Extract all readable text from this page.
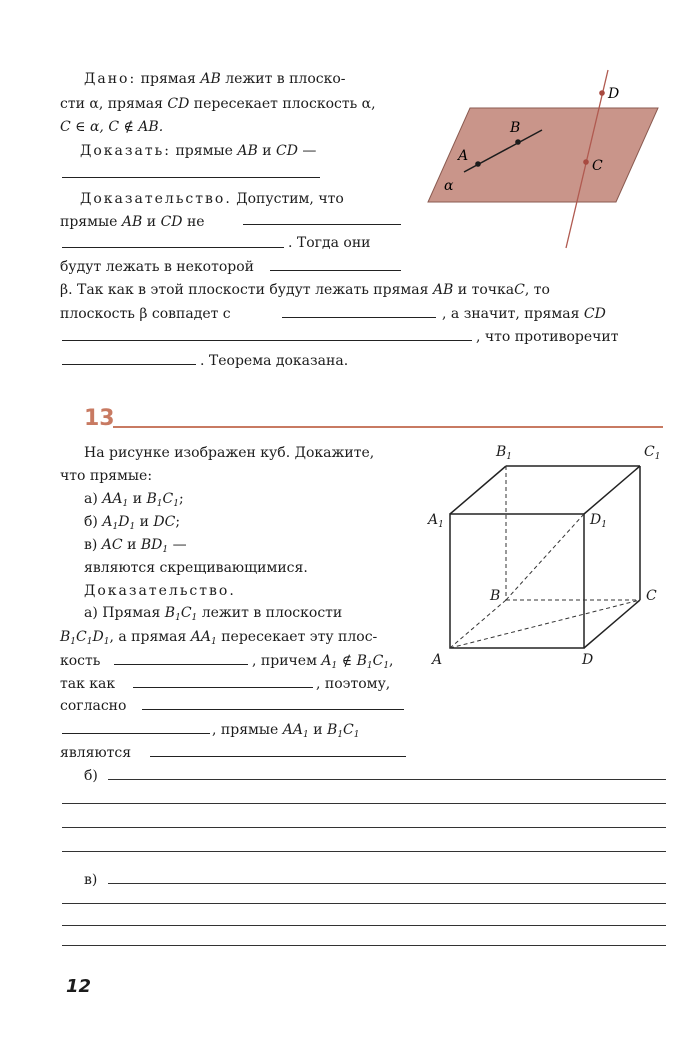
Дано: прямая AB лежит в плоско-
сти α, прямая CD пересекает плоскость α,
C ∈ α, C ∉ AB.
Доказать: прямые AB и CD —
Доказательство. Допустим, что
прямые AB и CD не
. Тогда они
будут лежать в некоторой
β. Так как в этой плоскости будут лежать прямая AB и точкаC, то
плоскость β совпадет с	, а значит, прямая CD
, что противоречит
. Теорема доказана.
A
B
C
D
α
13
На рисунке изображен куб. Докажите,
что прямые:
а) $AA_1$ и $B_1C_1$;
б) $A_1D_1$ и DC;
в) AC и $BD_1$ —
являются скрещивающимися.
Доказательство.
а) Прямая $B_1C_1$ лежит в плоскости
$B_1C_1D_1$, а прямая $AA_1$ пересекает эту плос-
кость	, причем $A_1$ ∉ $B_1C_1$,
так как	, поэтому,
согласно
, прямые $AA_1$ и $B_1C_1$
являются
б)
в)
$B_1$	$C_1$
$A_1$	$D_1$
B	C
A	D
12
